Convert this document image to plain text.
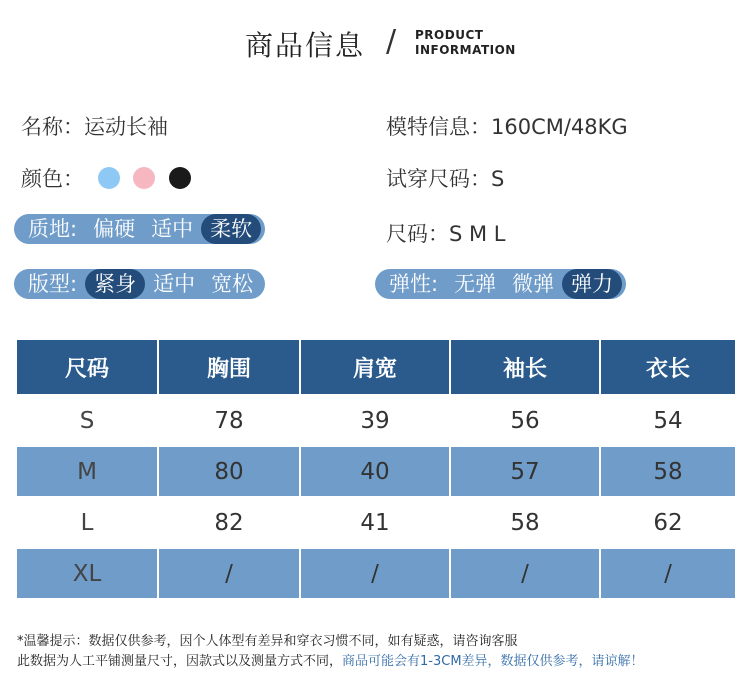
商品信息 / PRODUCT
INFORMATION
名称：运动长袖	模特信息：160CM/48KG
颜色：	试穿尺码：S
质地: 偏硬 适中 柔软	尺码：S M L
版型: 紧身 适中 宽松	弹性: 无弹 微弹 弹力
尺码	胸围	肩宽	袖长	衣长
S	78	39	56	54
M	80	40	57	58
L	82	41	58	62
XL	/	/	/	/
*温馨提示：数据仅供参考，因个人体型有差异和穿衣习惯不同，如有疑惑，请咨询客服
此数据为人工平铺测量尺寸，因款式以及测量方式不同，商品可能会有1-3CM差异，数据仅供参考，请谅解！
